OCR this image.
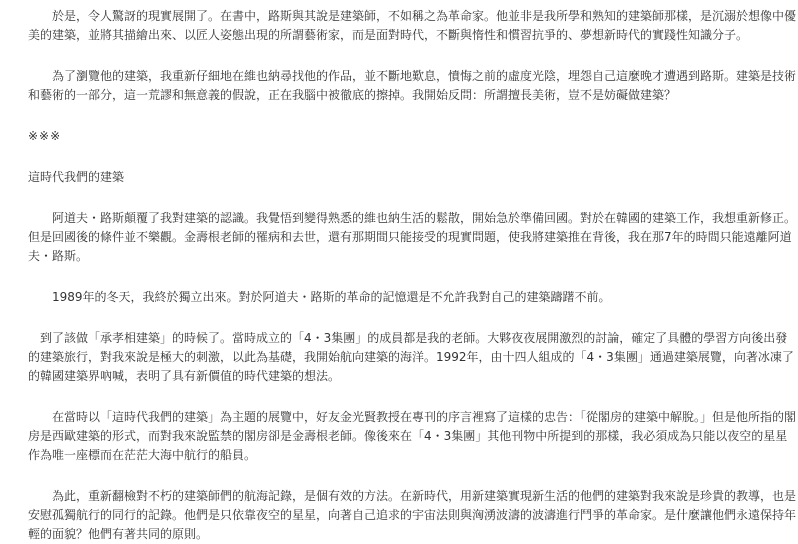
於是，令人驚訝的現實展開了。在書中，路斯與其說是建築師，不如稱之為革命家。他並非是我所學和熟知的建築師那樣，是沉溺於想像中優美的建築，並將其描繪出來、以匠人姿態出現的所謂藝術家，而是面對時代，不斷與惰性和慣習抗爭的、夢想新時代的實踐性知識分子。

為了瀏覽他的建築，我重新仔細地在維也納尋找他的作品，並不斷地歎息，憤悔之前的虛度光陰，埋怨自己這麼晚才遭遇到路斯。建築是技術和藝術的一部分，這一荒謬和無意義的假說，正在我腦中被徹底的擦掉。我開始反問：所謂擅長美術，豈不是妨礙做建築？

※※※

這時代我們的建築

阿道夫・路斯顛覆了我對建築的認識。我覺悟到變得熟悉的維也納生活的鬆散，開始急於準備回國。對於在韓國的建築工作，我想重新修正。但是回國後的條件並不樂觀。金壽根老師的罹病和去世，還有那期間只能接受的現實問題，使我將建築推在背後，我在那7年的時間只能遠離阿道夫・路斯。

1989年的冬天，我終於獨立出來。對於阿道夫・路斯的革命的記憶還是不允許我對自己的建築躊躇不前。

到了該做「承孝相建築」的時候了。當時成立的「4・3集團」的成員都是我的老師。大夥夜夜展開激烈的討論，確定了具體的學習方向後出發的建築旅行，對我來說是極大的刺激，以此為基礎，我開始航向建築的海洋。1992年，由十四人組成的「4・3集團」通過建築展覽，向著冰凍了的韓國建築界吶喊，表明了具有新價值的時代建築的想法。

在當時以「這時代我們的建築」為主題的展覽中，好友金光賢教授在專刊的序言裡寫了這樣的忠告：「從閣房的建築中解脫。」但是他所指的閣房是西歐建築的形式，而對我來說監禁的閣房卻是金壽根老師。像後來在「4・3集團」其他刊物中所提到的那樣，我必須成為只能以夜空的星星作為唯一座標而在茫茫大海中航行的船員。

為此，重新翻檢對不朽的建築師們的航海記錄，是個有效的方法。在新時代，用新建築實現新生活的他們的建築對我來說是珍貴的教導，也是安慰孤獨航行的同行的記錄。他們是只依靠夜空的星星，向著自己追求的宇宙法則與洶湧波濤的波濤進行鬥爭的革命家。是什麼讓他們永遠保持年輕的面貌？他們有著共同的原則。
